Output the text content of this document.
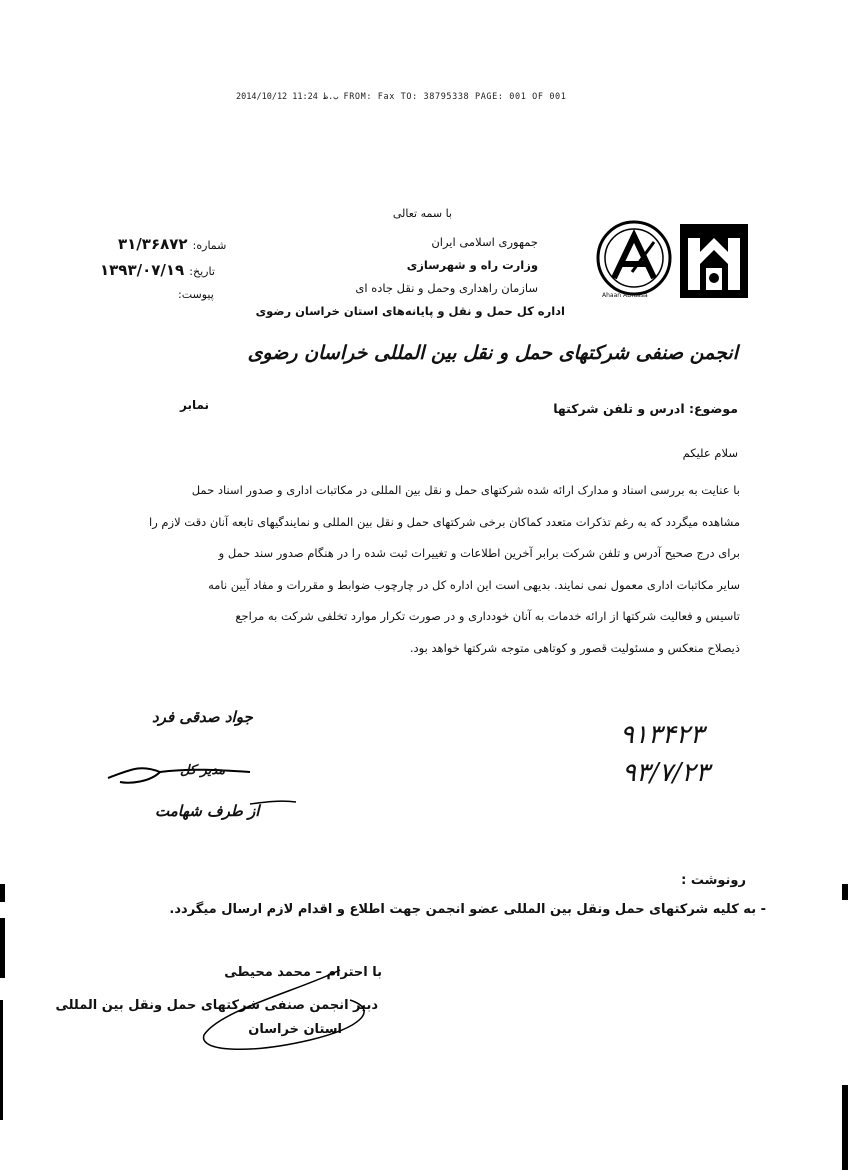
2014/10/12 ب.ظ 11:24 FROM: Fax TO: 38795338 PAGE: 001 OF 001
Ahaan ADIaasa
با سمه تعالی
جمهوری اسلامی ایران
وزارت راه و شهرسازی
سازمان راهداری وحمل و نقل جاده ای
اداره کل حمل و نقل و پایانه‌های استان خراسان رضوی
شماره: ۳۱/۳۶۸۷۲
تاریخ: ۱۳۹۳/۰۷/۱۹
پیوست:
انجمن صنفی شرکتهای حمل و نقل بین المللی خراسان رضوی
موضوع: ادرس و تلفن شرکتها
نمابر
سلام علیکم
با عنایت به بررسی اسناد و مدارک ارائه شده شرکتهای حمل و نقل بین المللی در مکاتبات اداری و صدور اسناد حمل
مشاهده میگردد که به رغم تذکرات متعدد کماکان برخی شرکتهای حمل و نقل بین المللی و نمایندگیهای تابعه آنان دقت لازم را
برای درج صحیح آدرس و تلفن شرکت برابر آخرین اطلاعات و تغییرات ثبت شده را در هنگام صدور سند حمل و
سایر مکاتبات اداری معمول نمی نمایند. بدیهی است این اداره کل در چارچوب ضوابط و مقررات و مفاد آیین نامه
تاسیس و فعالیت شرکتها از ارائه خدمات به آنان خودداری و در صورت تکرار موارد تخلفی شرکت به مراجع
ذیصلاح منعکس و مسئولیت قصور و کوتاهی متوجه شرکتها خواهد بود.
جواد صدقی فرد
مدیر کل
از طرف شهامت
۹۱۳۴۲۳
۹۳/۷/۲۳
رونوشت :
- به کلیه شرکتهای حمل ونقل بین المللی عضو انجمن جهت اطلاع و اقدام لازم ارسال میگردد.
با احترام – محمد محیطی
دبیر انجمن صنفی شرکتهای حمل ونقل بین المللی
استان خراسان
